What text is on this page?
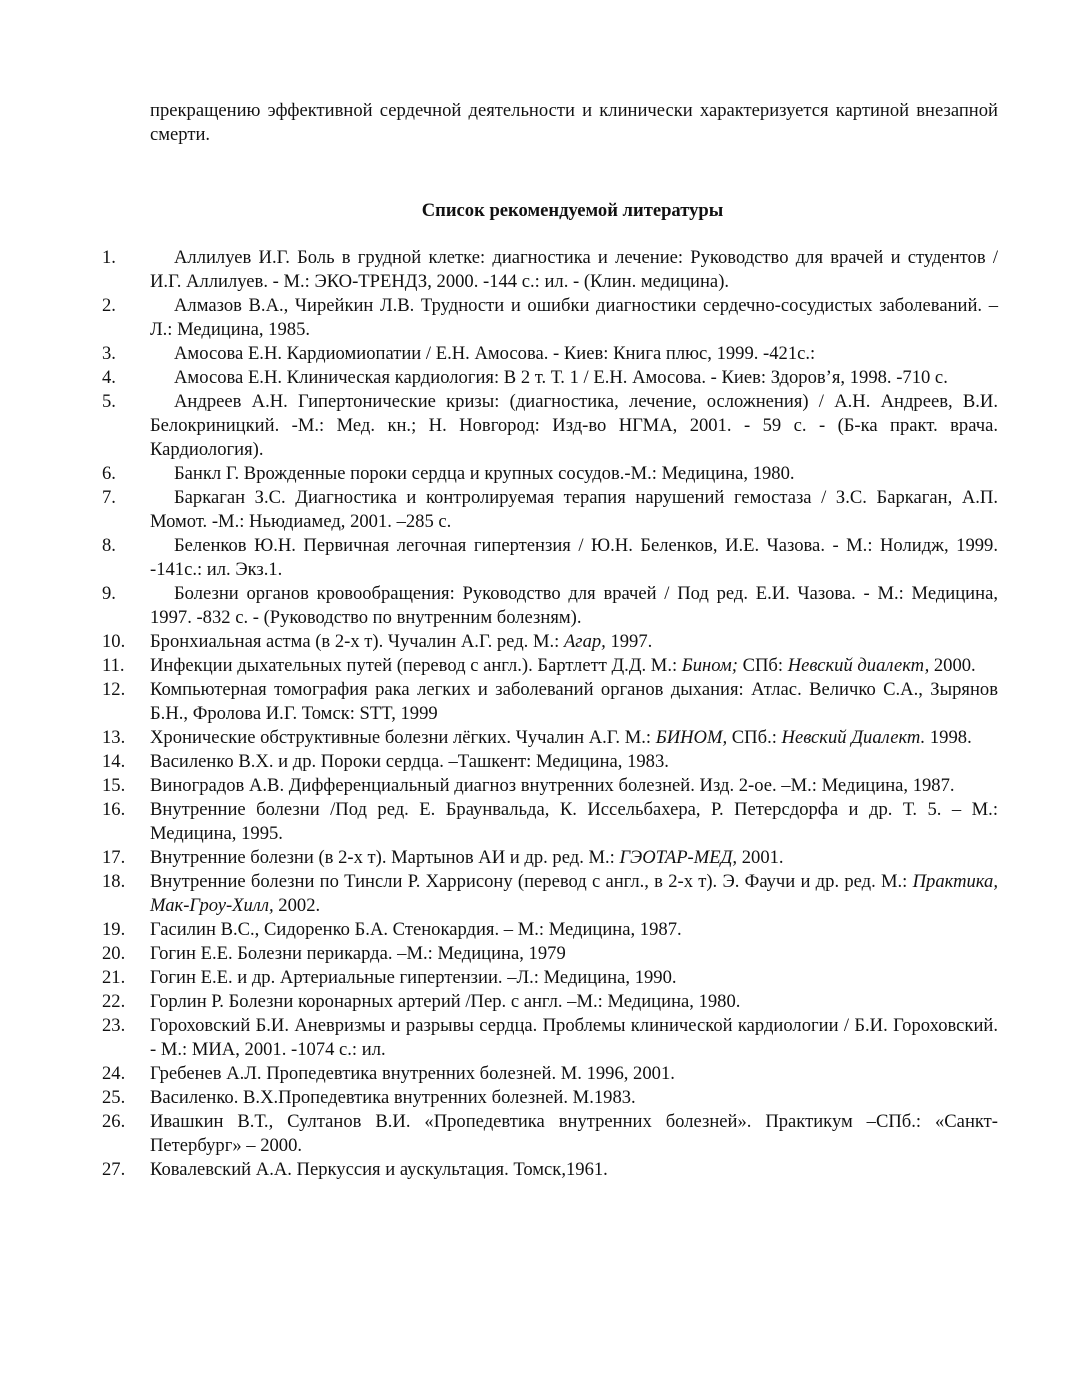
прекращению эффективной сердечной деятельности и клинически характеризуется картиной внезапной смерти.

Список рекомендуемой литературы
1.	Аллилуев И.Г. Боль в грудной клетке: диагностика и лечение: Руководство для врачей и студентов / И.Г. Аллилуев. - М.: ЭКО-ТРЕНДЗ, 2000. -144 с.: ил. - (Клин. медицина).
2.	Алмазов В.А., Чирейкин Л.В. Трудности и ошибки диагностики сердечно-сосудистых заболеваний. –Л.: Медицина, 1985.
3.	Амосова Е.Н. Кардиомиопатии / Е.Н. Амосова. - Киев: Книга плюс, 1999. -421с.:
4.	Амосова Е.Н. Клиническая кардиология: В 2 т. Т. 1 / Е.Н. Амосова. - Киев: Здоров’я, 1998. -710 с.
5.	Андреев А.Н. Гипертонические кризы: (диагностика, лечение, осложнения) / А.Н. Андреев, В.И. Белокриницкий. -М.: Мед. кн.; Н. Новгород: Изд-во НГМА, 2001. - 59 с. - (Б-ка практ. врача. Кардиология).
6.	Банкл Г. Врожденные пороки сердца и крупных сосудов.-М.: Медицина, 1980.
7.	Баркаган З.С. Диагностика и контролируемая терапия нарушений гемостаза / З.С. Баркаган, А.П. Момот. -М.: Ньюдиамед, 2001. –285 с.
8.	Беленков Ю.Н. Первичная легочная гипертензия / Ю.Н. Беленков, И.Е. Чазова. - М.: Нолидж, 1999. -141с.: ил. Экз.1.
9.	Болезни органов кровообращения: Руководство для врачей / Под ред. Е.И. Чазова. - М.: Медицина, 1997. -832 с. - (Руководство по внутренним болезням).
10.	Бронхиальная астма (в 2-х т). Чучалин А.Г. ред. М.: Агар, 1997.
11.	Инфекции дыхательных путей (перевод с англ.). Бартлетт Д.Д. М.: Бином; СПб: Невский диалект, 2000.
12.	Компьютерная томография рака легких и заболеваний органов дыхания: Атлас. Величко С.А., Зырянов Б.Н., Фролова И.Г. Томск: STT, 1999
13.	Хронические обструктивные болезни лёгких. Чучалин А.Г. М.: БИНОМ, СПб.: Невский Диалект. 1998.
14.	Василенко В.Х. и др. Пороки сердца. –Ташкент: Медицина, 1983.
15.	Виноградов А.В. Дифференциальный диагноз внутренних болезней. Изд. 2-ое. –М.: Медицина, 1987.
16.	Внутренние болезни /Под ред. Е. Браунвальда, К. Иссельбахера, Р. Петерсдорфа и др. Т. 5. – М.: Медицина, 1995.
17.	Внутренние болезни (в 2-х т). Мартынов АИ и др. ред. М.: ГЭОТАР-МЕД, 2001.
18.	Внутренние болезни по Тинсли Р. Харрисону (перевод с англ., в 2-х т). Э. Фаучи и др. ред. М.: Практика, Мак-Гроу-Хилл, 2002.
19.	Гасилин В.С., Сидоренко Б.А. Стенокардия. – М.: Медицина, 1987.
20.	Гогин Е.Е. Болезни перикарда. –М.: Медицина, 1979
21.	Гогин Е.Е. и др. Артериальные гипертензии. –Л.: Медицина, 1990.
22.	Горлин Р. Болезни коронарных артерий /Пер. с англ. –М.: Медицина, 1980.
23.	Гороховский Б.И. Аневризмы и разрывы сердца. Проблемы клинической кардиологии / Б.И. Гороховский. - М.: МИА, 2001. -1074 с.: ил.
24.	Гребенев А.Л. Пропедевтика внутренних болезней. М. 1996, 2001.
25.	Василенко. В.Х.Пропедевтика внутренних болезней. М.1983.
26.	Ивашкин В.Т., Султанов В.И. «Пропедевтика внутренних болезней». Практикум –СПб.: «Санкт-Петербург» – 2000.
27.	Ковалевский А.А. Перкуссия и аускультация. Томск,1961.
